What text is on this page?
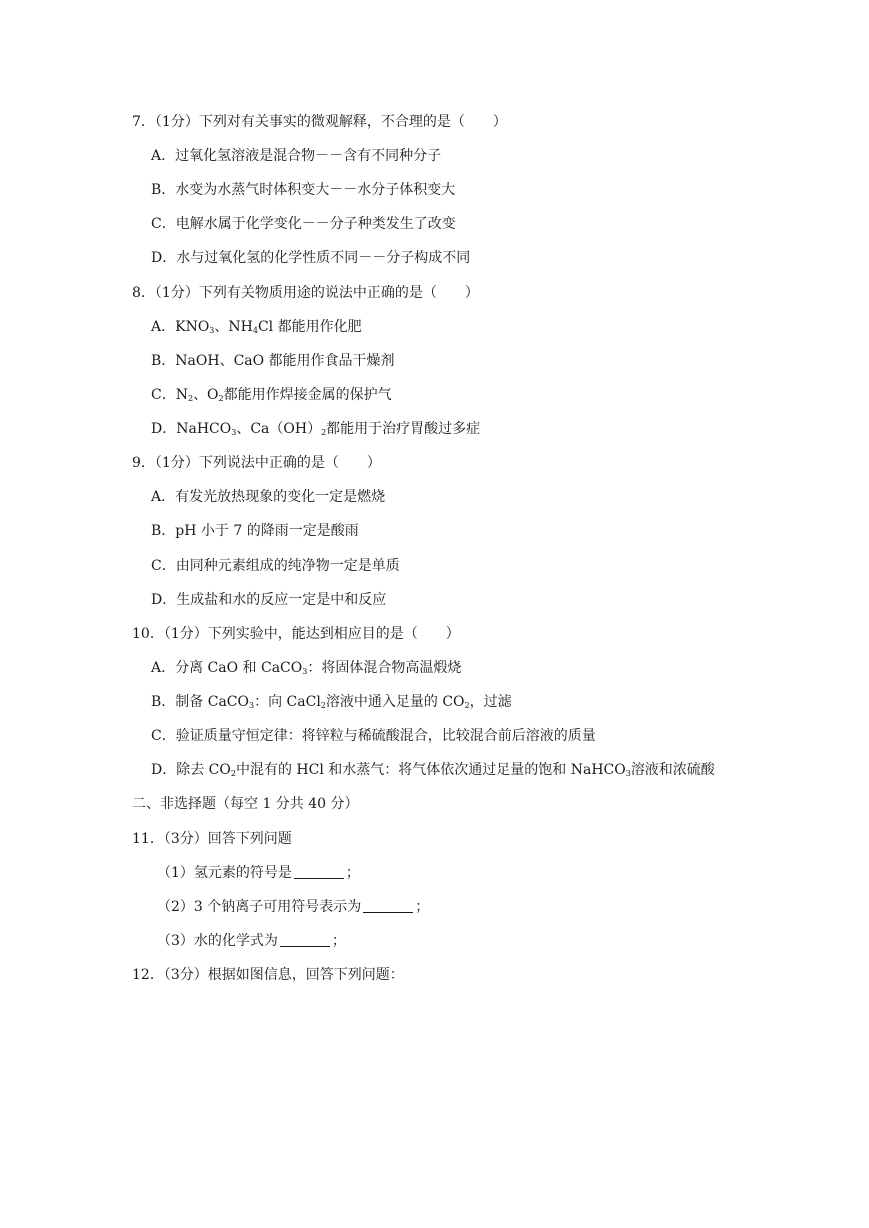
7．（1分）下列对有关事实的微观解释，不合理的是（　　）
A．过氧化氢溶液是混合物－－含有不同种分子
B．水变为水蒸气时体积变大－－水分子体积变大
C．电解水属于化学变化－－分子种类发生了改变
D．水与过氧化氢的化学性质不同－－分子构成不同
8．（1分）下列有关物质用途的说法中正确的是（　　）
A．$KNO_3$、$NH_4Cl$ 都能用作化肥
B．NaOH、CaO 都能用作食品干燥剂
C．$N_2$、$O_2$都能用作焊接金属的保护气
D．NaHCO$_3$、$Ca(OH)_2$都能用于治疗胃酸过多症
9．（1分）下列说法中正确的是（　　）
A．有发光放热现象的变化一定是燃烧
B．pH 小于 7 的降雨一定是酸雨
C．由同种元素组成的纯净物一定是单质
D．生成盐和水的反应一定是中和反应
10．（1分）下列实验中，能达到相应目的是（　　）
A．分离 CaO 和 CaCO$_3$：将固体混合物高温煅烧
B．制备 CaCO$_3$：向 CaCl$_2$溶液中通入足量的 $CO_2$，过滤
C．验证质量守恒定律：将锌粒与稀硫酸混合，比较混合前后溶液的质量
D．除去 $CO_2$中混有的 HCl 和水蒸气：将气体依次通过足量的饱和 NaHCO$_3$溶液和浓硫酸
二、非选择题（每空 1 分共 40 分）
11．（3分）回答下列问题
（1）氢元素的符号是	；
（2）3 个钠离子可用符号表示为	；
（3）水的化学式为	；
12．（3分）根据如图信息，回答下列问题：
